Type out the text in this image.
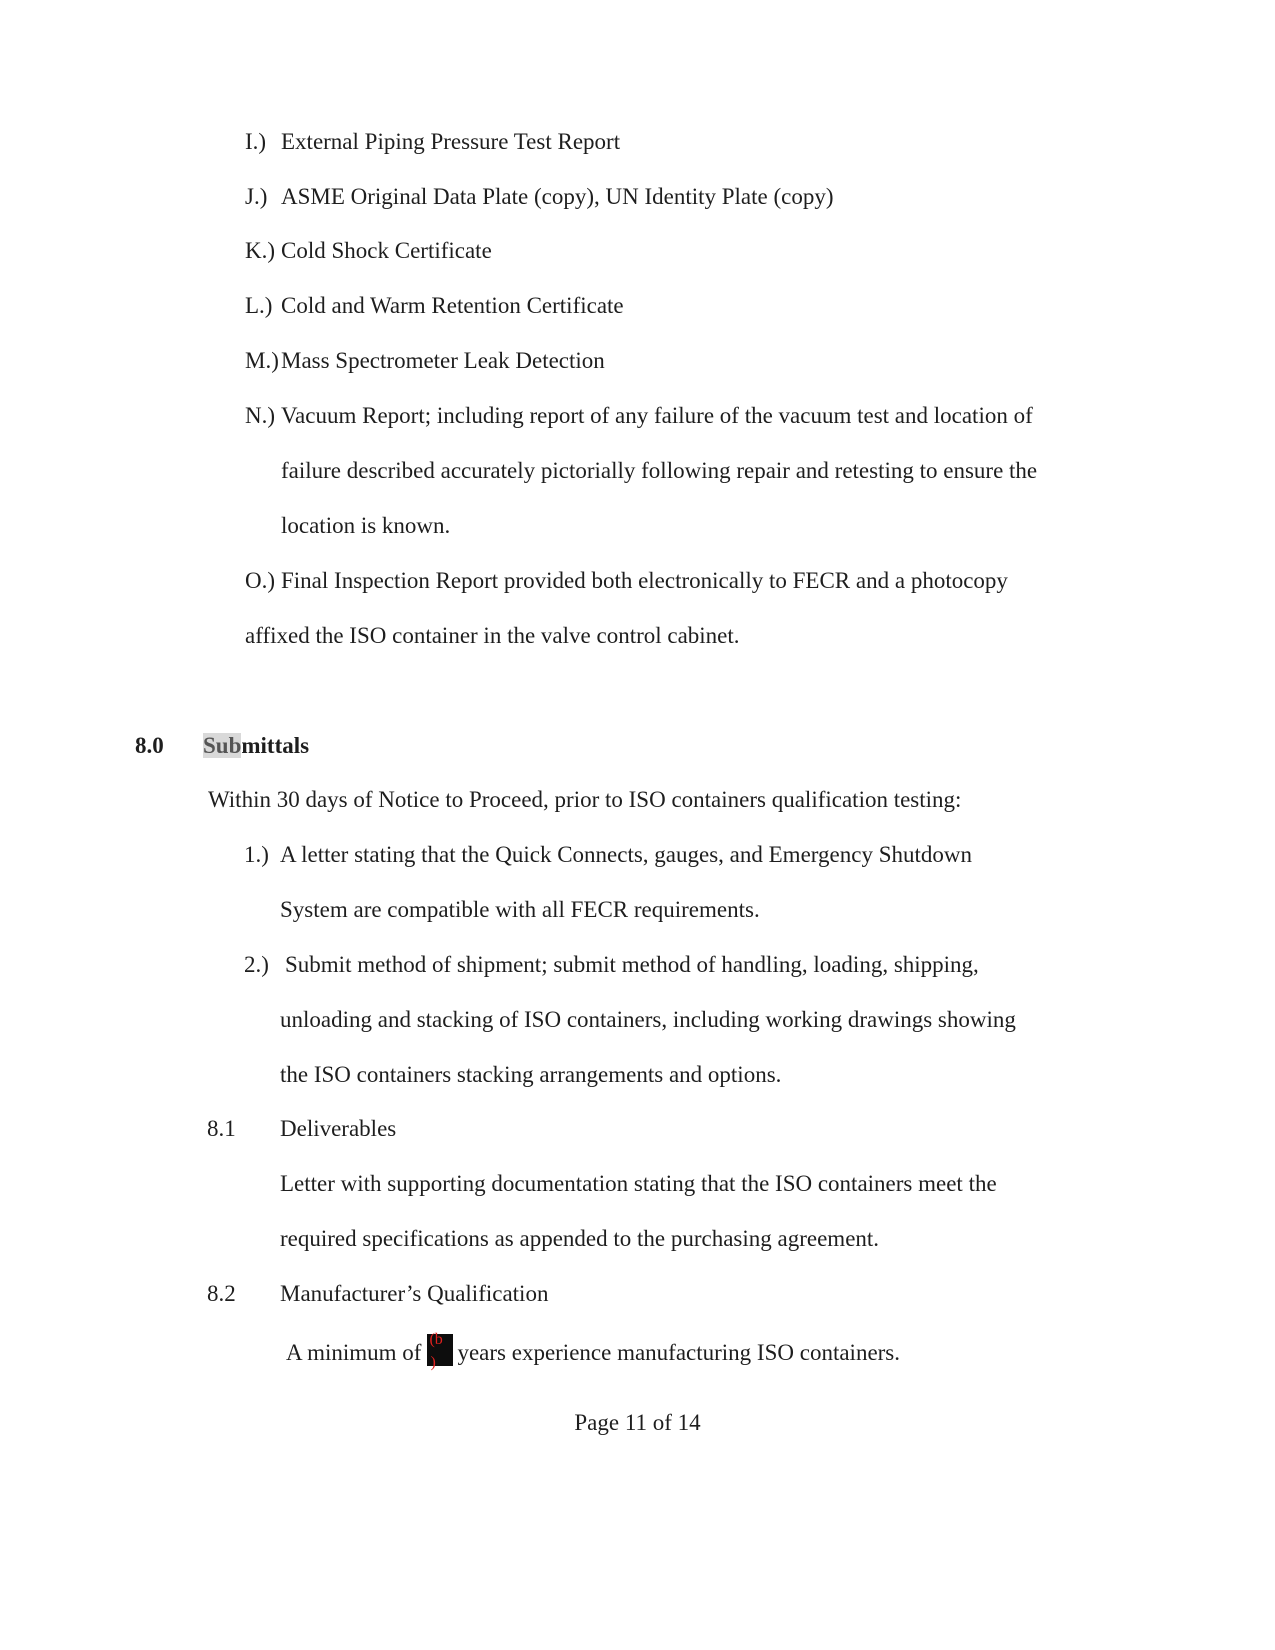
I.) External Piping Pressure Test Report
J.) ASME Original Data Plate (copy), UN Identity Plate (copy)
K.) Cold Shock Certificate
L.) Cold and Warm Retention Certificate
M.)Mass Spectrometer Leak Detection
N.) Vacuum Report; including report of any failure of the vacuum test and location of
failure described accurately pictorially following repair and retesting to ensure the
location is known.
O.) Final Inspection Report provided both electronically to FECR and a photocopy
affixed the ISO container in the valve control cabinet.
8.0 Submittals
Within 30 days of Notice to Proceed, prior to ISO containers qualification testing:
1.) A letter stating that the Quick Connects, gauges, and Emergency Shutdown
System are compatible with all FECR requirements.
2.) Submit method of shipment; submit method of handling, loading, shipping,
unloading and stacking of ISO containers, including working drawings showing
the ISO containers stacking arrangements and options.
8.1 Deliverables
Letter with supporting documentation stating that the ISO containers meet the
required specifications as appended to the purchasing agreement.
8.2 Manufacturer’s Qualification
A minimum of
(b
) years experience manufacturing ISO containers.
Page 11 of 14
